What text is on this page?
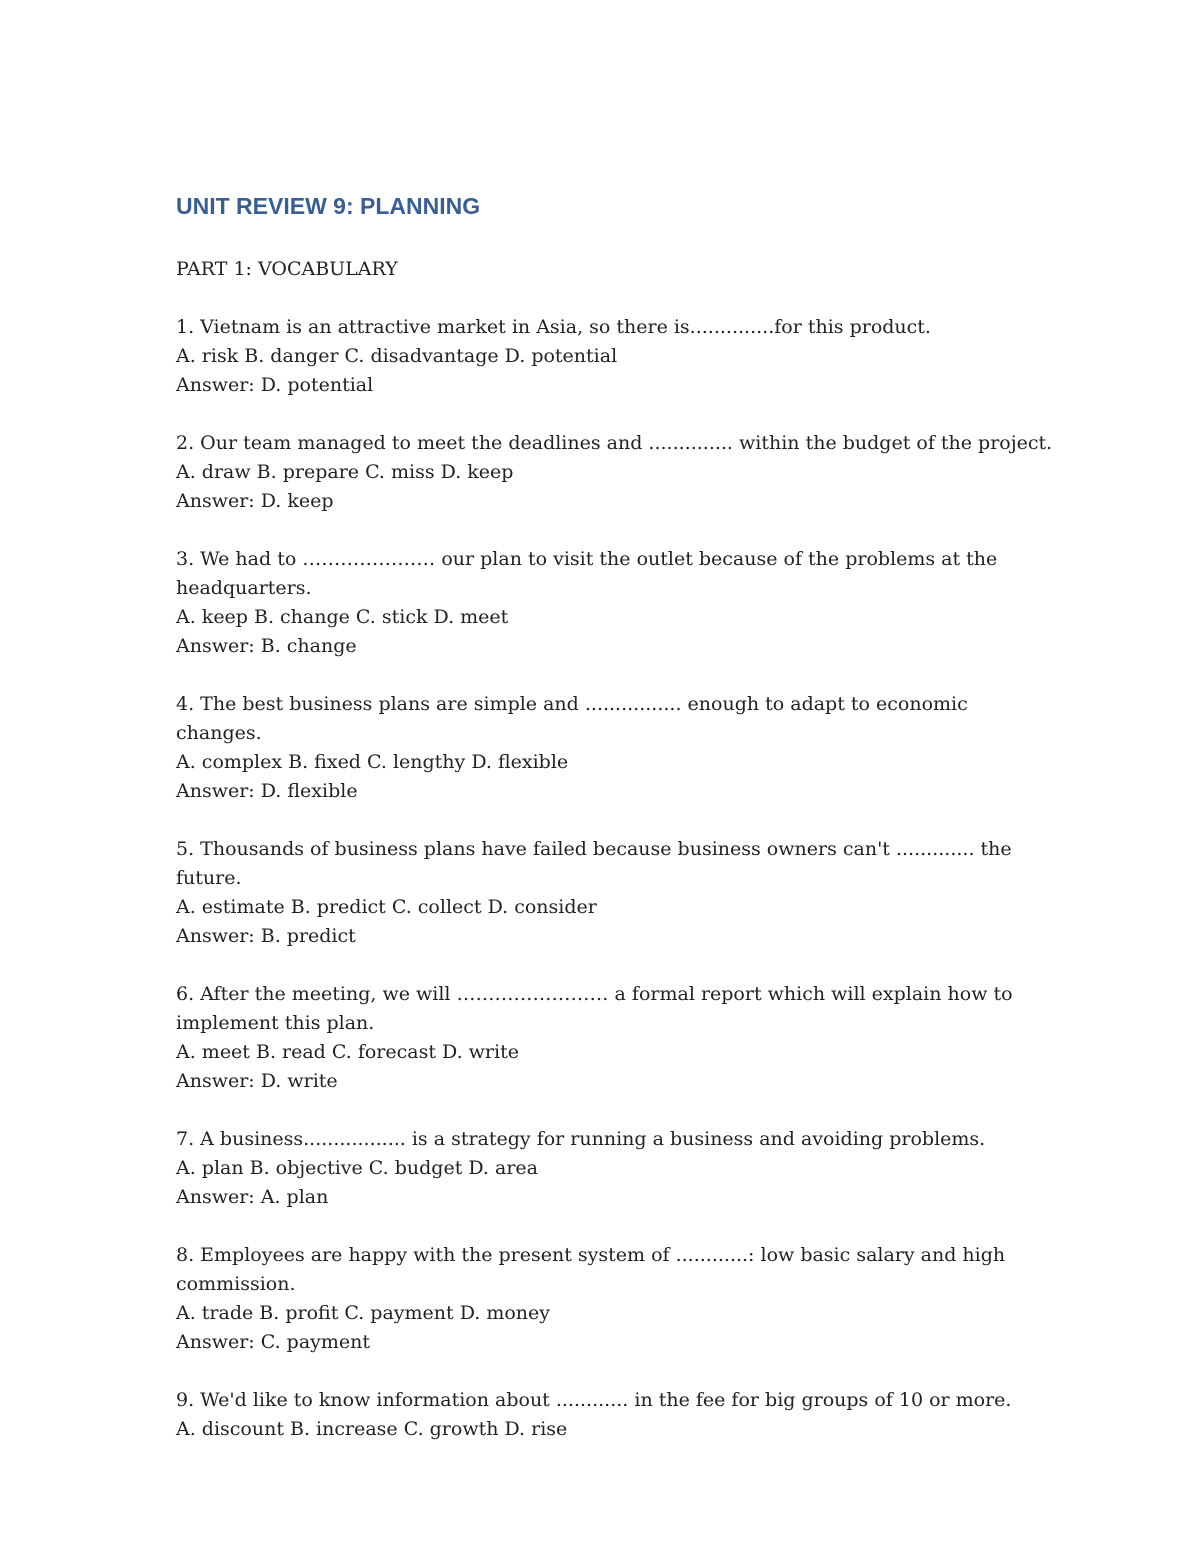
UNIT REVIEW 9: PLANNING
PART 1: VOCABULARY

1. Vietnam is an attractive market in Asia, so there is..............for this product.

A. risk B. danger C. disadvantage D. potential

Answer: D. potential

2. Our team managed to meet the deadlines and .............. within the budget of the project.

A. draw B. prepare C. miss D. keep

Answer: D. keep

3. We had to ………………… our plan to visit the outlet because of the problems at the headquarters.

A. keep B. change C. stick D. meet

Answer: B. change

4. The best business plans are simple and ................ enough to adapt to economic changes.

A. complex B. fixed C. lengthy D. flexible

Answer: D. flexible

5. Thousands of business plans have failed because business owners can't ............. the future.

A. estimate B. predict C. collect D. consider

Answer: B. predict

6. After the meeting, we will …………………… a formal report which will explain how to implement this plan.

A. meet B. read C. forecast D. write

Answer: D. write

7. A business................. is a strategy for running a business and avoiding problems.

A. plan B. objective C. budget D. area

Answer: A. plan

8. Employees are happy with the present system of ............: low basic salary and high commission.

A. trade B. profit C. payment D. money

Answer: C. payment

9. We'd like to know information about ............ in the fee for big groups of 10 or more.

A. discount B. increase C. growth D. rise
